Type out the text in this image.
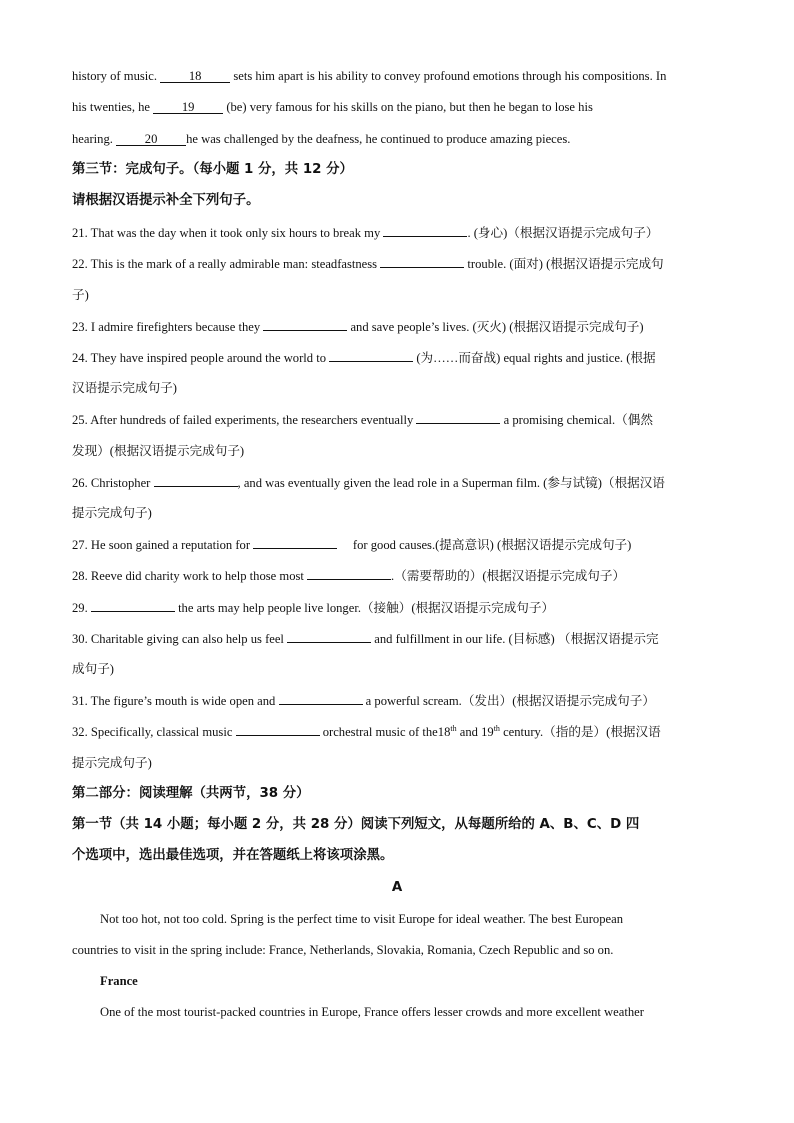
history of music.	18	sets him apart is his ability to convey profound emotions through his compositions. In
his twenties, he	19	(be) very famous for his skills on the piano, but then he began to lose his
hearing.	20 he was challenged by the deafness, he continued to produce amazing pieces.
第三节：完成句子。（每小题 1 分，共 12 分）
请根据汉语提示补全下列句子。
21. That was the day when it took only six hours to break my	. (身心)（根据汉语提示完成句子）
22. This is the mark of a really admirable man: steadfastness	trouble. (面对) (根据汉语提示完成句
子)
23. I admire firefighters because they	and save people’s lives. (灭火) (根据汉语提示完成句子)
24. They have inspired people around the world to	(为……而奋战) equal rights and justice. (根据
汉语提示完成句子)
25. After hundreds of failed experiments, the researchers eventually	a promising chemical.（偶然
发现）(根据汉语提示完成句子)
26. Christopher	, and was eventually given the lead role in a Superman film. (参与试镜)（根据汉语
提示完成句子)
27. He soon gained a reputation for	for good causes.(提高意识) (根据汉语提示完成句子)
28. Reeve did charity work to help those most	.（需要帮助的）(根据汉语提示完成句子）
29.	the arts may help people live longer.（接触）(根据汉语提示完成句子）
30. Charitable giving can also help us feel	and fulfillment in our life. (目标感) （根据汉语提示完
成句子)
31. The figure’s mouth is wide open and	a powerful scream.（发出）(根据汉语提示完成句子）
32. Specifically, classical music	orchestral music of the18th and 19th century.（指的是）(根据汉语
提示完成句子)
第二部分：阅读理解（共两节，38 分）
第一节（共 14 小题；每小题 2 分，共 28 分）阅读下列短文，从每题所给的 A、B、C、D 四
个选项中，选出最佳选项，并在答题纸上将该项涂黑。
A
Not too hot, not too cold. Spring is the perfect time to visit Europe for ideal weather. The best European
countries to visit in the spring include: France, Netherlands, Slovakia, Romania, Czech Republic and so on.
France
One of the most tourist-packed countries in Europe, France offers lesser crowds and more excellent weather
